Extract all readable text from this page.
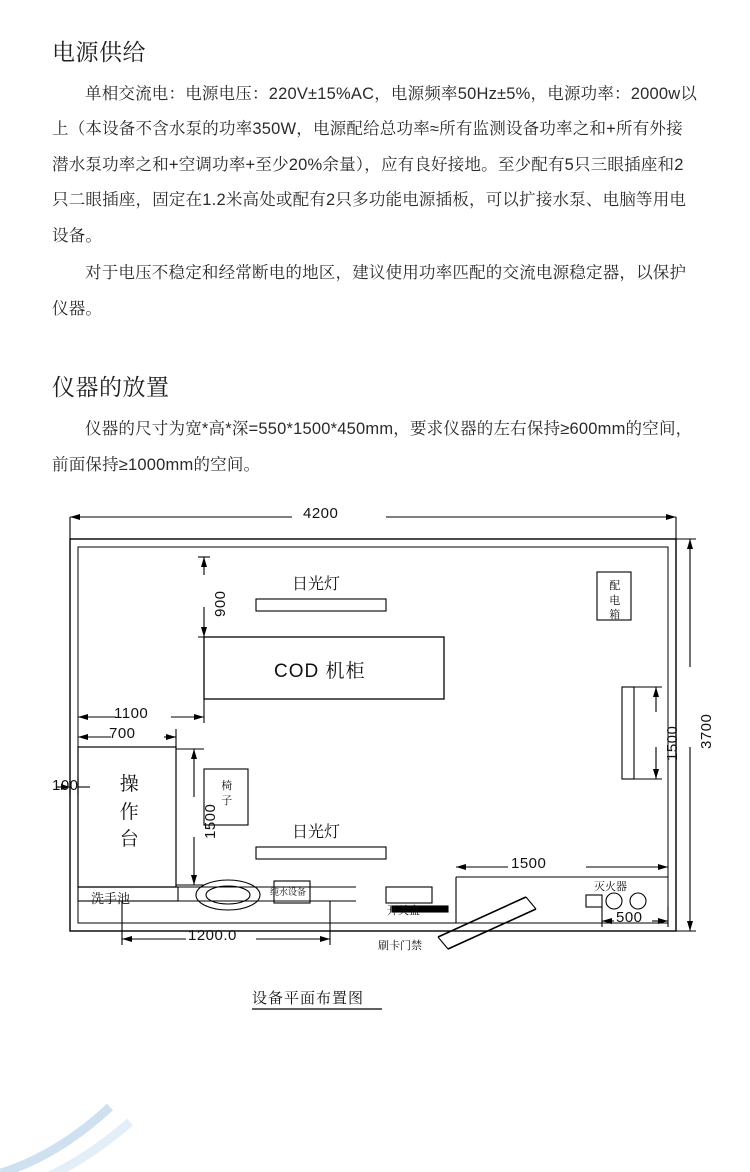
电源供给

单相交流电：电源电压：220V±15%AC，电源频率50Hz±5%，电源功率：2000w以上（本设备不含水泵的功率350W，电源配给总功率≈所有监测设备功率之和+所有外接潜水泵功率之和+空调功率+至少20%余量），应有良好接地。至少配有5只三眼插座和2只二眼插座，固定在1.2米高处或配有2只多功能电源插板，可以扩接水泵、电脑等用电设备。

对于电压不稳定和经常断电的地区，建议使用功率匹配的交流电源稳定器，以保护仪器。

仪器的放置

仪器的尺寸为宽*高*深=550*1500*450mm，要求仪器的左右保持≥600mm的空间，前面保持≥1000mm的空间。

4200
3700
1500
100
900
1100
700
1500
1200.0
1500
500
日光灯
COD 机柜
日光灯
操作台
椅子
配电箱
洗手池	纯水设备
开关盒
灭火器
刷卡门禁
设备平面布置图
